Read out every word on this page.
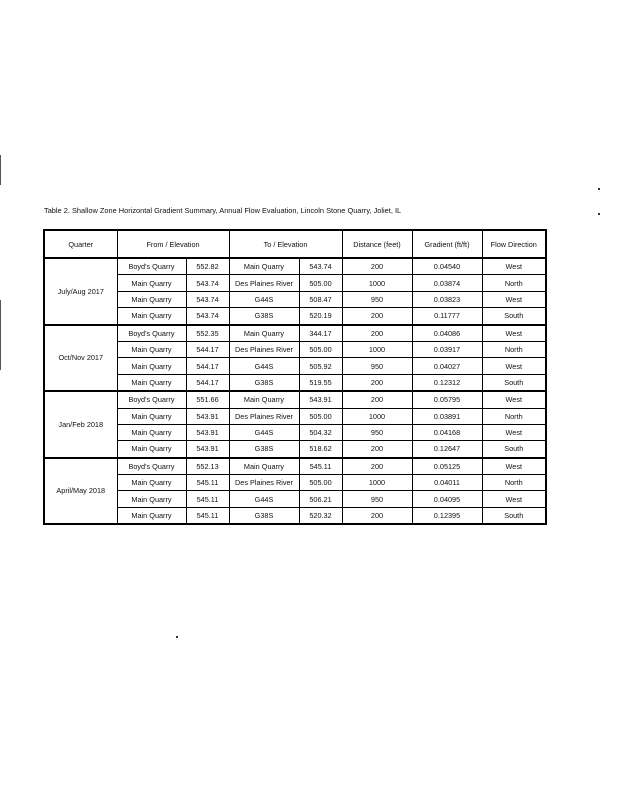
Table 2. Shallow Zone Horizontal Gradient Summary, Annual Flow Evaluation, Lincoln Stone Quarry, Joliet, IL
Quarter	From / Elevation		To / Elevation		Distance (feet)	Gradient (ft/ft)	Flow Direction
July/Aug 2017	Boyd's Quarry	552.82	Main Quarry	543.74	200	0.04540	West
	Main Quarry	543.74	Des Plaines River	505.00	1000	0.03874	North
	Main Quarry	543.74	G44S	508.47	950	0.03823	West
	Main Quarry	543.74	G38S	520.19	200	0.11777	South
Oct/Nov 2017	Boyd's Quarry	552.35	Main Quarry	344.17	200	0.04086	West
	Main Quarry	544.17	Des Plaines River	505.00	1000	0.03917	North
	Main Quarry	544.17	G44S	505.92	950	0.04027	West
	Main Quarry	544.17	G38S	519.55	200	0.12312	South
Jan/Feb 2018	Boyd's Quarry	551.66	Main Quarry	543.91	200	0.05795	West
	Main Quarry	543.91	Des Plaines River	505.00	1000	0.03891	North
	Main Quarry	543.91	G44S	504.32	950	0.04168	West
	Main Quarry	543.91	G38S	518.62	200	0.12647	South
April/May 2018	Boyd's Quarry	552.13	Main Quarry	545.11	200	0.05125	West
	Main Quarry	545.11	Des Plaines River	505.00	1000	0.04011	North
	Main Quarry	545.11	G44S	506.21	950	0.04095	West
	Main Quarry	545.11	G38S	520.32	200	0.12395	South
